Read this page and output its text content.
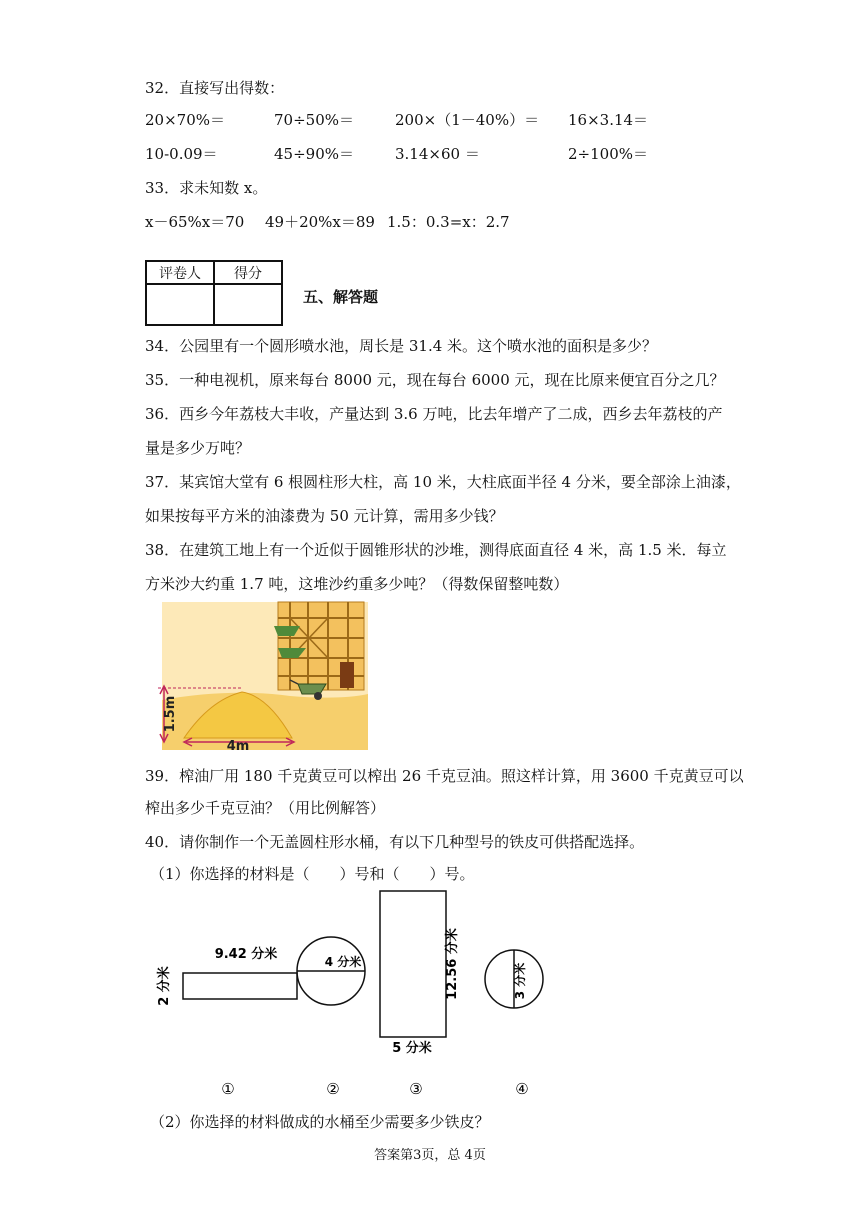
32．直接写出得数：
20×70%＝	70÷50%＝	200×（1－40%）＝ 16×3.14＝
10-0.09＝	45÷90%＝	3.14×60 ＝	2÷100%＝
33．求未知数 x。
x－65%x＝70 49＋20%x＝89 1.5：0.3=x：2.7
评卷人	得分

五、解答题
34．公园里有一个圆形喷水池，周长是 31.4 米。这个喷水池的面积是多少？
35．一种电视机，原来每台 8000 元，现在每台 6000 元，现在比原来便宜百分之几？
36．西乡今年荔枝大丰收，产量达到 3.6 万吨，比去年增产了二成，西乡去年荔枝的产
量是多少万吨？
37．某宾馆大堂有 6 根圆柱形大柱，高 10 米，大柱底面半径 4 分米，要全部涂上油漆，
如果按每平方米的油漆费为 50 元计算，需用多少钱？
38．在建筑工地上有一个近似于圆锥形状的沙堆，测得底面直径 4 米，高 1.5 米．每立
方米沙大约重 1.7 吨，这堆沙约重多少吨？（得数保留整吨数）
1.5m
4m
39．榨油厂用 180 千克黄豆可以榨出 26 千克豆油。照这样计算，用 3600 千克黄豆可以
榨出多少千克豆油？（用比例解答）
40．请你制作一个无盖圆柱形水桶，有以下几种型号的铁皮可供搭配选择。
（1）你选择的材料是（　　）号和（　　）号。
9.42 分米
2 分米
4 分米	12.56 分米
5 分米
3 分米
①	②	③	④
（2）你选择的材料做成的水桶至少需要多少铁皮？
答案第3页，总 4页
